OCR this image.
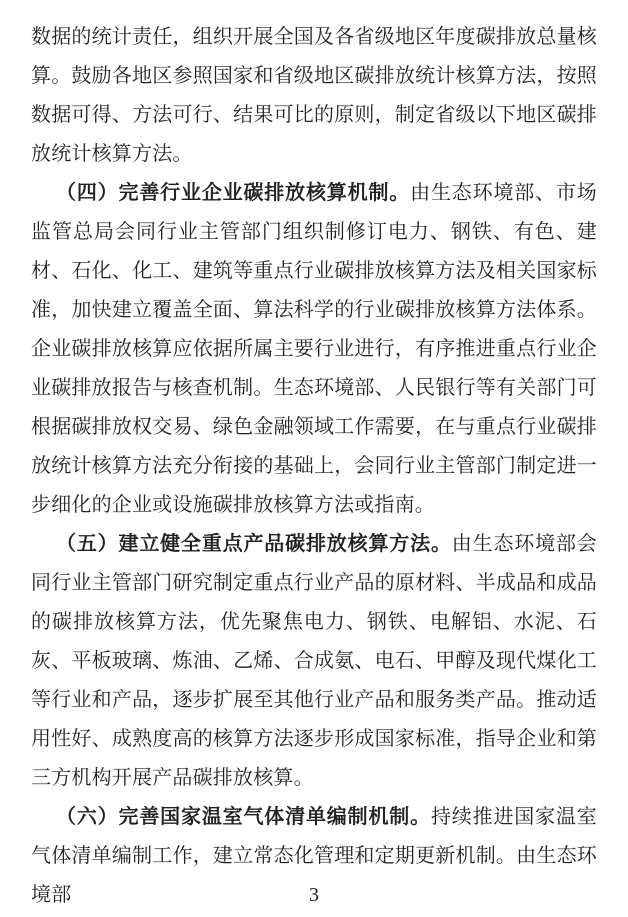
数据的统计责任，组织开展全国及各省级地区年度碳排放总量核算。鼓励各地区参照国家和省级地区碳排放统计核算方法，按照数据可得、方法可行、结果可比的原则，制定省级以下地区碳排放统计核算方法。

（四）完善行业企业碳排放核算机制。由生态环境部、市场监管总局会同行业主管部门组织制修订电力、钢铁、有色、建材、石化、化工、建筑等重点行业碳排放核算方法及相关国家标准，加快建立覆盖全面、算法科学的行业碳排放核算方法体系。企业碳排放核算应依据所属主要行业进行，有序推进重点行业企业碳排放报告与核查机制。生态环境部、人民银行等有关部门可根据碳排放权交易、绿色金融领域工作需要，在与重点行业碳排放统计核算方法充分衔接的基础上，会同行业主管部门制定进一步细化的企业或设施碳排放核算方法或指南。

（五）建立健全重点产品碳排放核算方法。由生态环境部会同行业主管部门研究制定重点行业产品的原材料、半成品和成品的碳排放核算方法，优先聚焦电力、钢铁、电解铝、水泥、石灰、平板玻璃、炼油、乙烯、合成氨、电石、甲醇及现代煤化工等行业和产品，逐步扩展至其他行业产品和服务类产品。推动适用性好、成熟度高的核算方法逐步形成国家标准，指导企业和第三方机构开展产品碳排放核算。

（六）完善国家温室气体清单编制机制。持续推进国家温室气体清单编制工作，建立常态化管理和定期更新机制。由生态环境部	3
